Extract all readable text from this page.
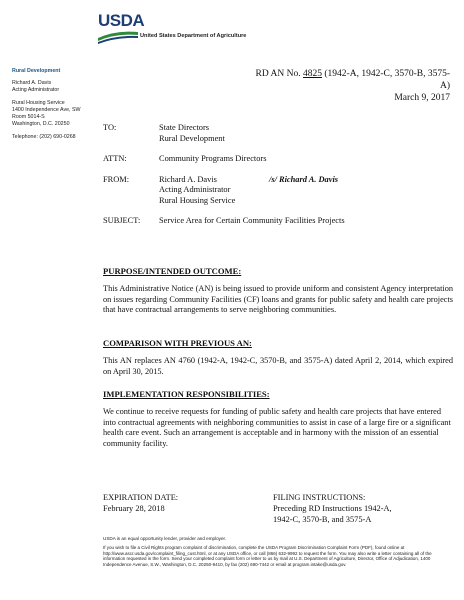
USDA
United States Department of Agriculture
Rural Development
Richard A. Davis
Acting Administrator
Rural Housing Service
1400 Independence Ave, SW
Room 5014-S
Washington, D.C. 20250
Telephone: (202) 690-0268
RD AN No. 4825 (1942-A, 1942-C, 3570-B, 3575-A)
March 9, 2017
TO:	State Directors
Rural Development
ATTN:	Community Programs Directors
FROM:	Richard A. Davis
Acting Administrator
Rural Housing Service
/s/ Richard A. Davis
SUBJECT:	Service Area for Certain Community Facilities Projects
PURPOSE/INTENDED OUTCOME:
This Administrative Notice (AN) is being issued to provide uniform and consistent Agency interpretation on issues regarding Community Facilities (CF) loans and grants for public safety and health care projects that have contractual arrangements to serve neighboring communities.
COMPARISON WITH PREVIOUS AN:
This AN replaces AN 4760 (1942-A, 1942-C, 3570-B, and 3575-A) dated April 2, 2014, which expired on April 30, 2015.
IMPLEMENTATION RESPONSIBILITIES:
We continue to receive requests for funding of public safety and health care projects that have entered into contractual agreements with neighboring communities to assist in case of a large fire or a significant health care event. Such an arrangement is acceptable and in harmony with the mission of an essential community facility.
EXPIRATION DATE:
February 28, 2018
FILING INSTRUCTIONS:
Preceding RD Instructions 1942-A,
1942-C, 3570-B, and 3575-A
USDA is an equal opportunity lender, provider and employer.
If you wish to file a Civil Rights program complaint of discrimination, complete the USDA Program Discrimination Complaint Form (PDF), found online at http://www.ascr.usda.gov/complaint_filing_cust.html, or at any USDA office, or call (866) 632-9992 to request the form. You may also write a letter containing all of the information requested in the form. Send your completed complaint form or letter to us by mail at U.S. Department of Agriculture, Director, Office of Adjudication, 1400 Independence Avenue, S.W., Washington, D.C. 20250-9410, by fax (202) 690-7442 or email at program.intake@usda.gov.
